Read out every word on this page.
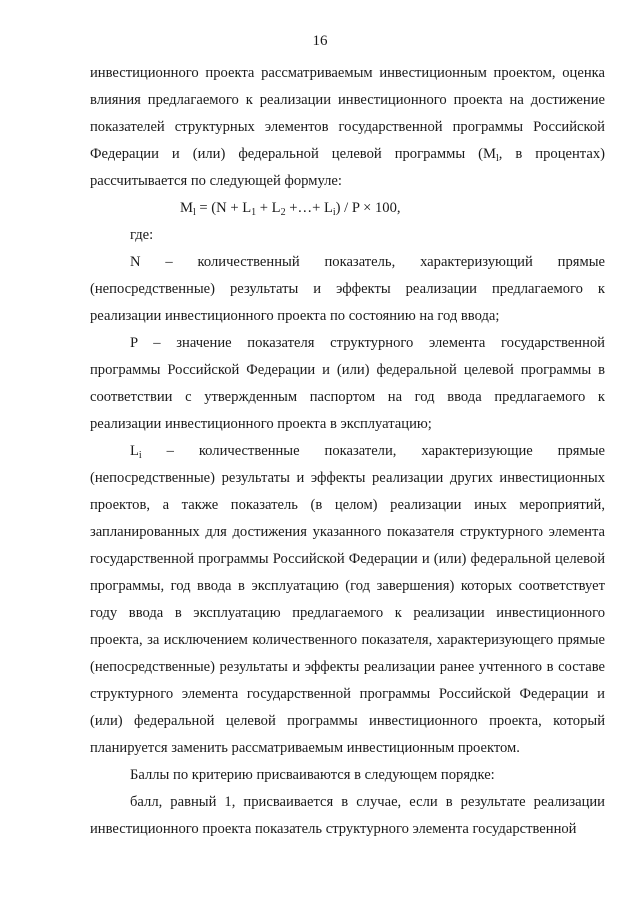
16

инвестиционного проекта рассматриваемым инвестиционным проектом, оценка влияния предлагаемого к реализации инвестиционного проекта на достижение показателей структурных элементов государственной программы Российской Федерации и (или) федеральной целевой программы ($M_l$, в процентах) рассчитывается по следующей формуле:

$M_l = (N + L_1 + L_2$ +…+ $L_i) / P \times 100$,

где:

N – количественный показатель, характеризующий прямые (непосредственные) результаты и эффекты реализации предлагаемого к реализации инвестиционного проекта по состоянию на год ввода;

P – значение показателя структурного элемента государственной программы Российской Федерации и (или) федеральной целевой программы в соответствии с утвержденным паспортом на год ввода предлагаемого к реализации инвестиционного проекта в эксплуатацию;

$L_i$ – количественные показатели, характеризующие прямые (непосредственные) результаты и эффекты реализации других инвестиционных проектов, а также показатель (в целом) реализации иных мероприятий, запланированных для достижения указанного показателя структурного элемента государственной программы Российской Федерации и (или) федеральной целевой программы, год ввода в эксплуатацию (год завершения) которых соответствует году ввода в эксплуатацию предлагаемого к реализации инвестиционного проекта, за исключением количественного показателя, характеризующего прямые (непосредственные) результаты и эффекты реализации ранее учтенного в составе структурного элемента государственной программы Российской Федерации и (или) федеральной целевой программы инвестиционного проекта, который планируется заменить рассматриваемым инвестиционным проектом.

Баллы по критерию присваиваются в следующем порядке:

балл, равный 1, присваивается в случае, если в результате реализации инвестиционного проекта показатель структурного элемента государственной
